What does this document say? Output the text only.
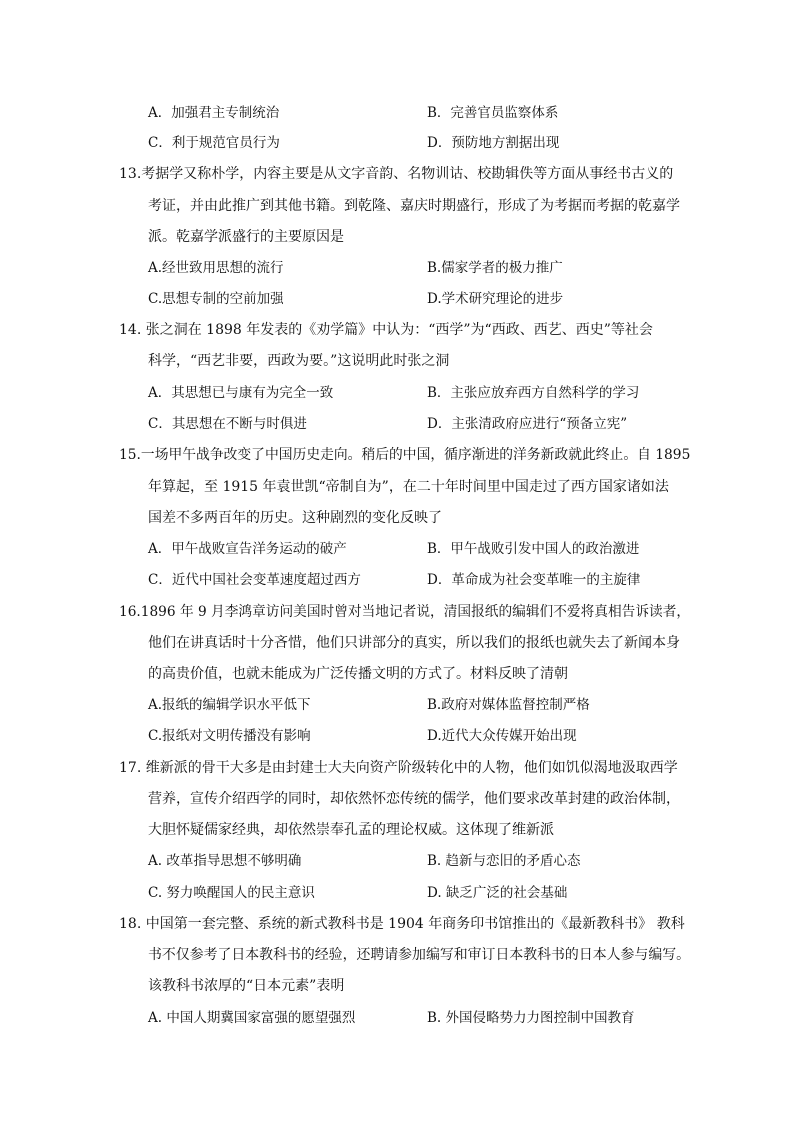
A．加强君主专制统治	B．完善官员监察体系
C．利于规范官员行为	D．预防地方割据出现
13.考据学又称朴学，内容主要是从文字音韵、名物训诂、校勘辑佚等方面从事经书古义的
考证，并由此推广到其他书籍。到乾隆、嘉庆时期盛行，形成了为考据而考据的乾嘉学
派。乾嘉学派盛行的主要原因是
A.经世致用思想的流行	B.儒家学者的极力推广
C.思想专制的空前加强	D.学术研究理论的进步
14. 张之洞在 1898 年发表的《劝学篇》中认为：“西学”为“西政、西艺、西史”等社会
科学，“西艺非要，西政为要。”这说明此时张之洞
A．其思想已与康有为完全一致	B．主张应放弃西方自然科学的学习
C．其思想在不断与时俱进	D．主张清政府应进行“预备立宪”
15.一场甲午战争改变了中国历史走向。稍后的中国，循序渐进的洋务新政就此终止。自 1895
年算起，至 1915 年袁世凯“帝制自为”，在二十年时间里中国走过了西方国家诸如法
国差不多两百年的历史。这种剧烈的变化反映了
A．甲午战败宣告洋务运动的破产	B．甲午战败引发中国人的政治激进
C．近代中国社会变革速度超过西方	D．革命成为社会变革唯一的主旋律
16.1896 年 9 月李鸿章访问美国时曾对当地记者说，清国报纸的编辑们不爱将真相告诉读者，
他们在讲真话时十分吝惜，他们只讲部分的真实，所以我们的报纸也就失去了新闻本身
的高贵价值，也就未能成为广泛传播文明的方式了。材料反映了清朝
A.报纸的编辑学识水平低下	B.政府对媒体监督控制严格
C.报纸对文明传播没有影响	D.近代大众传媒开始出现
17. 维新派的骨干大多是由封建士大夫向资产阶级转化中的人物，他们如饥似渴地汲取西学
营养，宣传介绍西学的同时，却依然怀恋传统的儒学，他们要求改革封建的政治体制，
大胆怀疑儒家经典，却依然崇奉孔孟的理论权威。这体现了维新派
A. 改革指导思想不够明确	B. 趋新与恋旧的矛盾心态
C. 努力唤醒国人的民主意识	D. 缺乏广泛的社会基础
18. 中国第一套完整、系统的新式教科书是 1904 年商务印书馆推出的《最新教科书》 教科
书不仅参考了日本教科书的经验，还聘请参加编写和审订日本教科书的日本人参与编写。
该教科书浓厚的“日本元素”表明
A. 中国人期冀国家富强的愿望强烈	B. 外国侵略势力力图控制中国教育
